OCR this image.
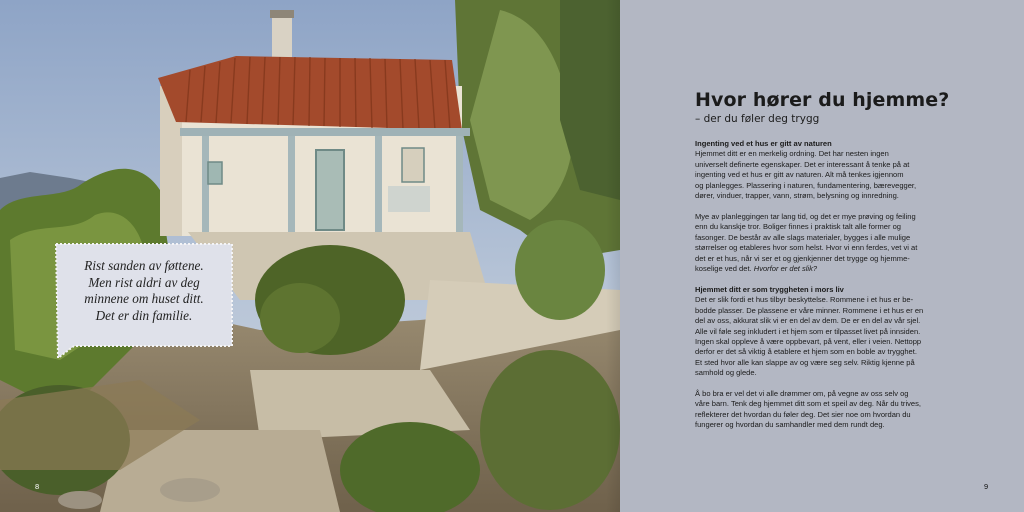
Rist sanden av føttene.
Men rist aldri av deg
minnene om huset ditt.
Det er din familie.
8
Hvor hører du hjemme?
– der du føler deg trygg
Ingenting ved et hus er gitt av naturen
Hjemmet ditt er en merkelig ordning. Det har nesten ingen
universelt definerte egenskaper. Det er interessant å tenke på at
ingenting ved et hus er gitt av naturen. Alt må tenkes igjennom
og planlegges. Plassering i naturen, fundamentering, bærevegger,
dører, vinduer, trapper, vann, strøm, belysning og innredning.
Mye av planleggingen tar lang tid, og det er mye prøving og feiling
enn du kanskje tror. Boliger finnes i praktisk talt alle former og
fasonger. De består av alle slags materialer, bygges i alle mulige
størrelser og etableres hvor som helst. Hvor vi enn ferdes, vet vi at
det er et hus, når vi ser et og gjenkjenner det trygge og hjemme-
koselige ved det. Hvorfor er det slik?
Hjemmet ditt er som tryggheten i mors liv
Det er slik fordi et hus tilbyr beskyttelse. Rommene i et hus er be-
bodde plasser. De plassene er våre minner. Rommene i et hus er en
del av oss, akkurat slik vi er en del av dem. De er en del av vår sjel.
Alle vil føle seg inkludert i et hjem som er tilpasset livet på innsiden.
Ingen skal oppleve å være oppbevart, på vent, eller i veien. Nettopp
derfor er det så viktig å etablere et hjem som en boble av trygghet.
Et sted hvor alle kan slappe av og være seg selv. Riktig kjenne på
samhold og glede.
Å bo bra er vel det vi alle drømmer om, på vegne av oss selv og
våre barn. Tenk deg hjemmet ditt som et speil av deg. Når du trives,
reflekterer det hvordan du føler deg. Det sier noe om hvordan du
fungerer og hvordan du samhandler med dem rundt deg.
9
